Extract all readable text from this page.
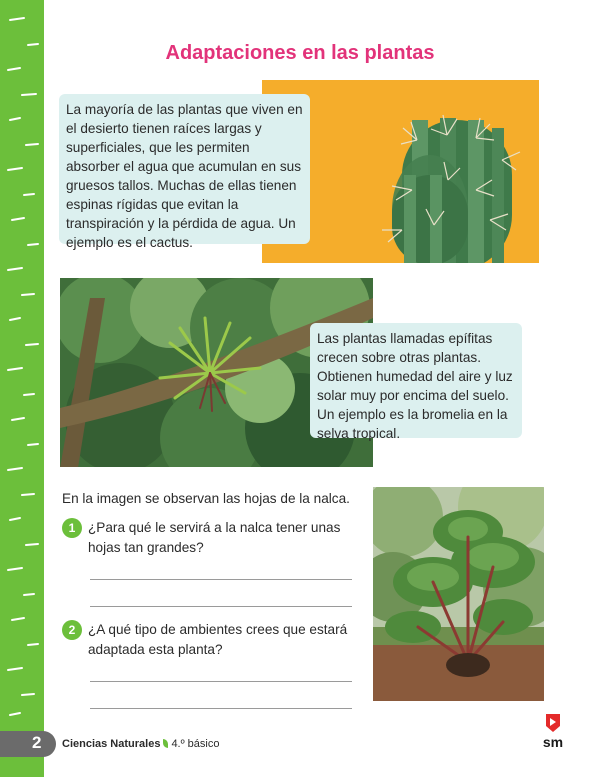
Adaptaciones en las plantas
La mayoría de las plantas que viven en el desierto tienen raíces largas y superficiales, que les permiten absorber el agua que acumulan en sus gruesos tallos. Muchas de ellas tienen espinas rígidas que evitan la transpiración y la pérdida de agua. Un ejemplo es el cactus.
Las plantas llamadas epífitas crecen sobre otras plantas. Obtienen humedad del aire y luz solar muy por encima del suelo. Un ejemplo es la bromelia en la selva tropical.
En la imagen se observan las hojas de la nalca.
1 ¿Para qué le servirá a la nalca tener unas hojas tan grandes?
2 ¿A qué tipo de ambientes crees que estará adaptada esta planta?
2 Ciencias Naturales 4.º básico	sm
